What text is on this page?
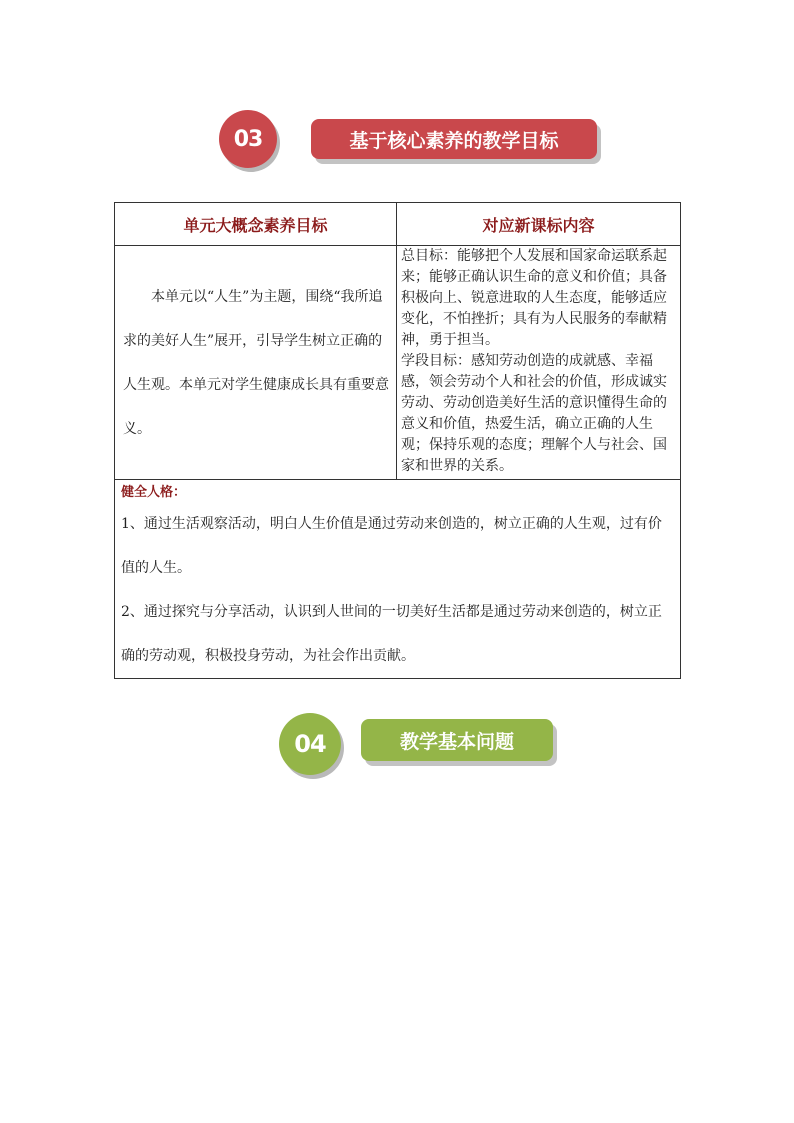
03	基于核心素养的教学目标
单元大概念素养目标	对应新课标内容

本单元以“人生”为主题，围绕“我所追求的美好人生”展开，引导学生树立正确的人生观。本单元对学生健康成长具有重要意义。	总目标：能够把个人发展和国家命运联系起来；能够正确认识生命的意义和价值；具备积极向上、锐意进取的人生态度，能够适应变化，不怕挫折；具有为人民服务的奉献精神，勇于担当。
学段目标：感知劳动创造的成就感、幸福感，领会劳动个人和社会的价值，形成诚实劳动、劳动创造美好生活的意识懂得生命的意义和价值，热爱生活，确立正确的人生观；保持乐观的态度；理解个人与社会、国家和世界的关系。

健全人格：
1、通过生活观察活动，明白人生价值是通过劳动来创造的，树立正确的人生观，过有价值的人生。
2、通过探究与分享活动，认识到人世间的一切美好生活都是通过劳动来创造的，树立正确的劳动观，积极投身劳动，为社会作出贡献。	
04	教学基本问题
